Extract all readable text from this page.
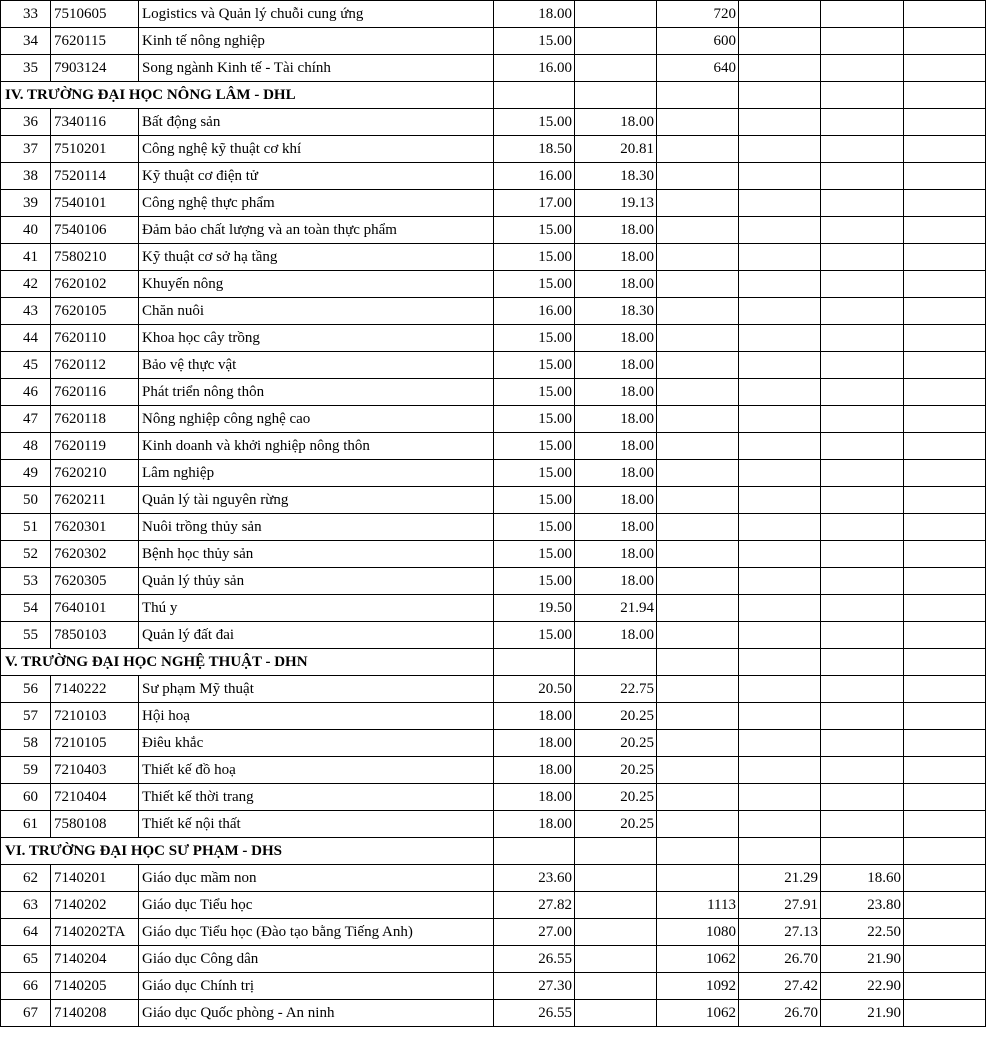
33	7510605	Logistics và Quản lý chuỗi cung ứng	18.00		720			
34	7620115	Kinh tế nông nghiệp	15.00		600			
35	7903124	Song ngành Kinh tế - Tài chính	16.00		640			
IV. TRƯỜNG ĐẠI HỌC NÔNG LÂM - DHL								
36	7340116	Bất động sản	15.00	18.00				
37	7510201	Công nghệ kỹ thuật cơ khí	18.50	20.81				
38	7520114	Kỹ thuật cơ điện tử	16.00	18.30				
39	7540101	Công nghệ thực phẩm	17.00	19.13				
40	7540106	Đảm bảo chất lượng và an toàn thực phẩm	15.00	18.00				
41	7580210	Kỹ thuật cơ sở hạ tầng	15.00	18.00				
42	7620102	Khuyến nông	15.00	18.00				
43	7620105	Chăn nuôi	16.00	18.30				
44	7620110	Khoa học cây trồng	15.00	18.00				
45	7620112	Bảo vệ thực vật	15.00	18.00				
46	7620116	Phát triển nông thôn	15.00	18.00				
47	7620118	Nông nghiệp công nghệ cao	15.00	18.00				
48	7620119	Kinh doanh và khởi nghiệp nông thôn	15.00	18.00				
49	7620210	Lâm nghiệp	15.00	18.00				
50	7620211	Quản lý tài nguyên rừng	15.00	18.00				
51	7620301	Nuôi trồng thủy sản	15.00	18.00				
52	7620302	Bệnh học thủy sản	15.00	18.00				
53	7620305	Quản lý thủy sản	15.00	18.00				
54	7640101	Thú y	19.50	21.94				
55	7850103	Quản lý đất đai	15.00	18.00				
V. TRƯỜNG ĐẠI HỌC NGHỆ THUẬT - DHN								
56	7140222	Sư phạm Mỹ thuật	20.50	22.75				
57	7210103	Hội hoạ	18.00	20.25				
58	7210105	Điêu khắc	18.00	20.25				
59	7210403	Thiết kế đồ hoạ	18.00	20.25				
60	7210404	Thiết kế thời trang	18.00	20.25				
61	7580108	Thiết kế nội thất	18.00	20.25				
VI. TRƯỜNG ĐẠI HỌC SƯ PHẠM - DHS								
62	7140201	Giáo dục mầm non	23.60			21.29	18.60	
63	7140202	Giáo dục Tiểu học	27.82		1113	27.91	23.80	
64	7140202TA	Giáo dục Tiểu học (Đào tạo bằng Tiếng Anh)	27.00		1080	27.13	22.50	
65	7140204	Giáo dục Công dân	26.55		1062	26.70	21.90	
66	7140205	Giáo dục Chính trị	27.30		1092	27.42	22.90	
67	7140208	Giáo dục Quốc phòng - An ninh	26.55		1062	26.70	21.90	
